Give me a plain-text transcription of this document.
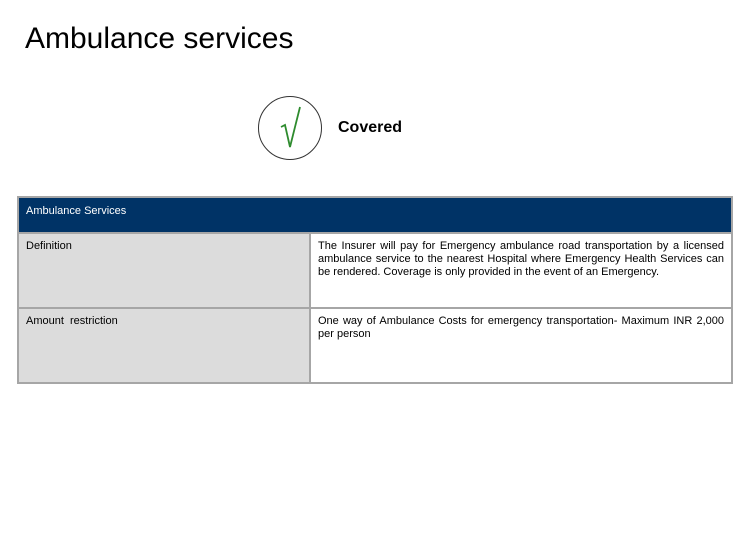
Ambulance services
Covered
Ambulance Services	
Definition	The Insurer will pay for Emergency ambulance road transportation by a licensed ambulance service to the nearest Hospital where Emergency Health Services can be rendered. Coverage is only provided in the event of an Emergency.
Amount  restriction	One way of Ambulance Costs for emergency transportation- Maximum INR 2,000 per person
